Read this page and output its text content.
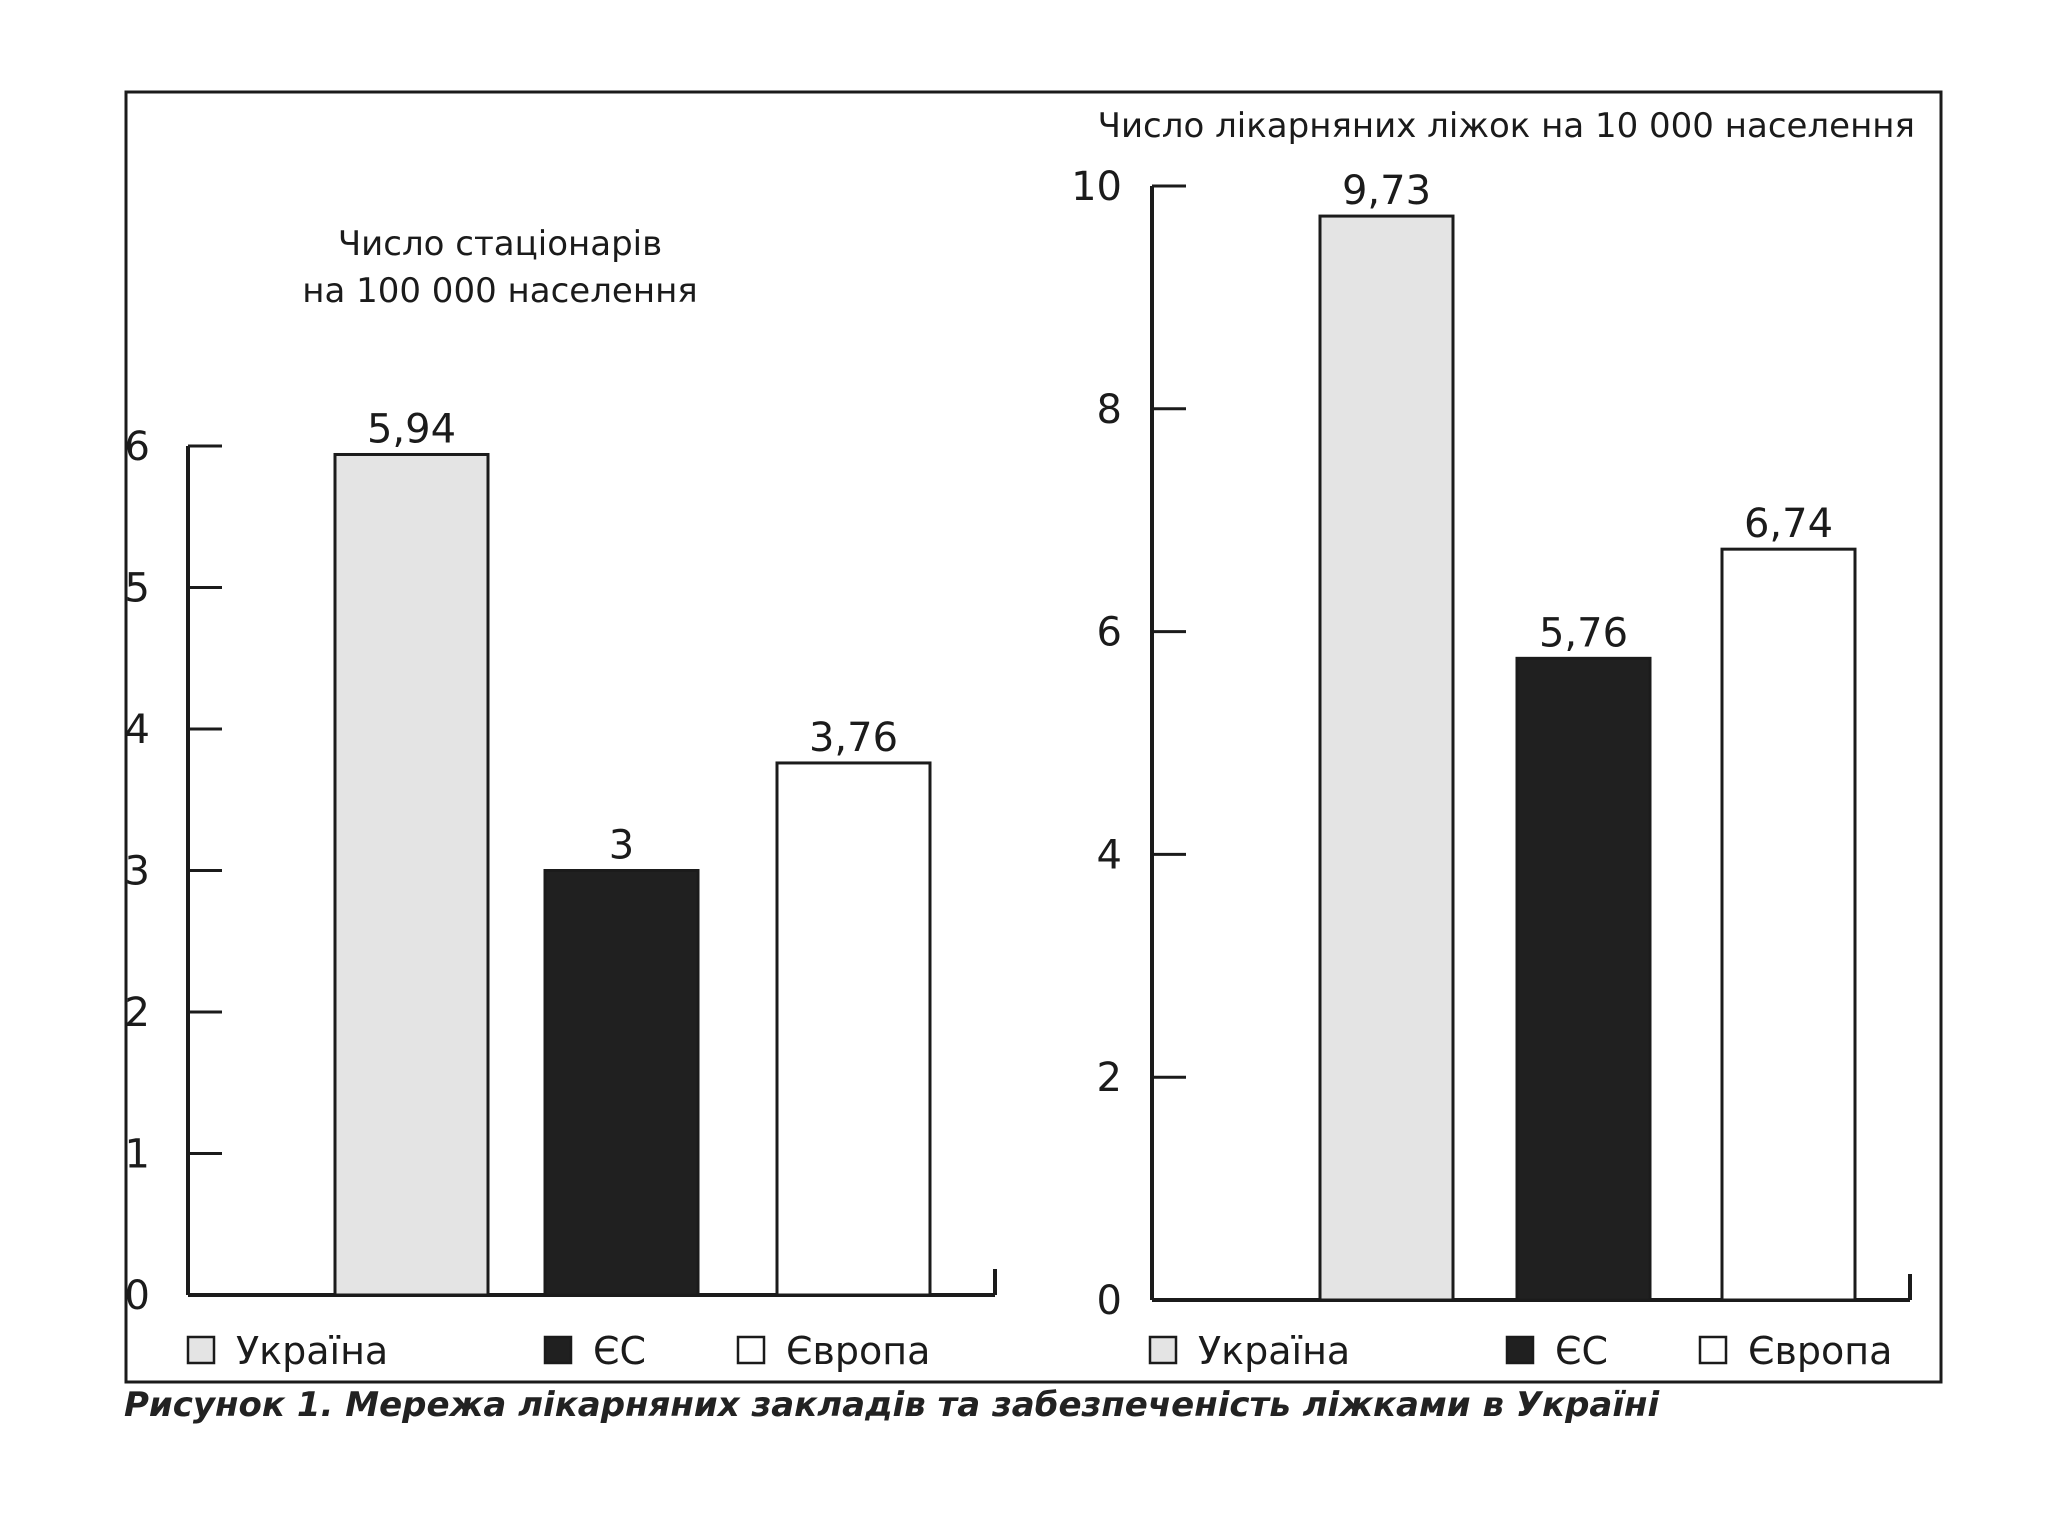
Число стаціонарів
на 100 000 населення
0
1
2
3
4
5
6	5,94
3
3,76
Україна	ЄС	Європа
Число лікарняних ліжок на 10 000 населення
0
2
4
6
8
10	9,73
5,76
6,74
Україна	ЄС	Європа
Рисунок 1. Мережа лікарняних закладів та забезпеченість ліжками в Україні
